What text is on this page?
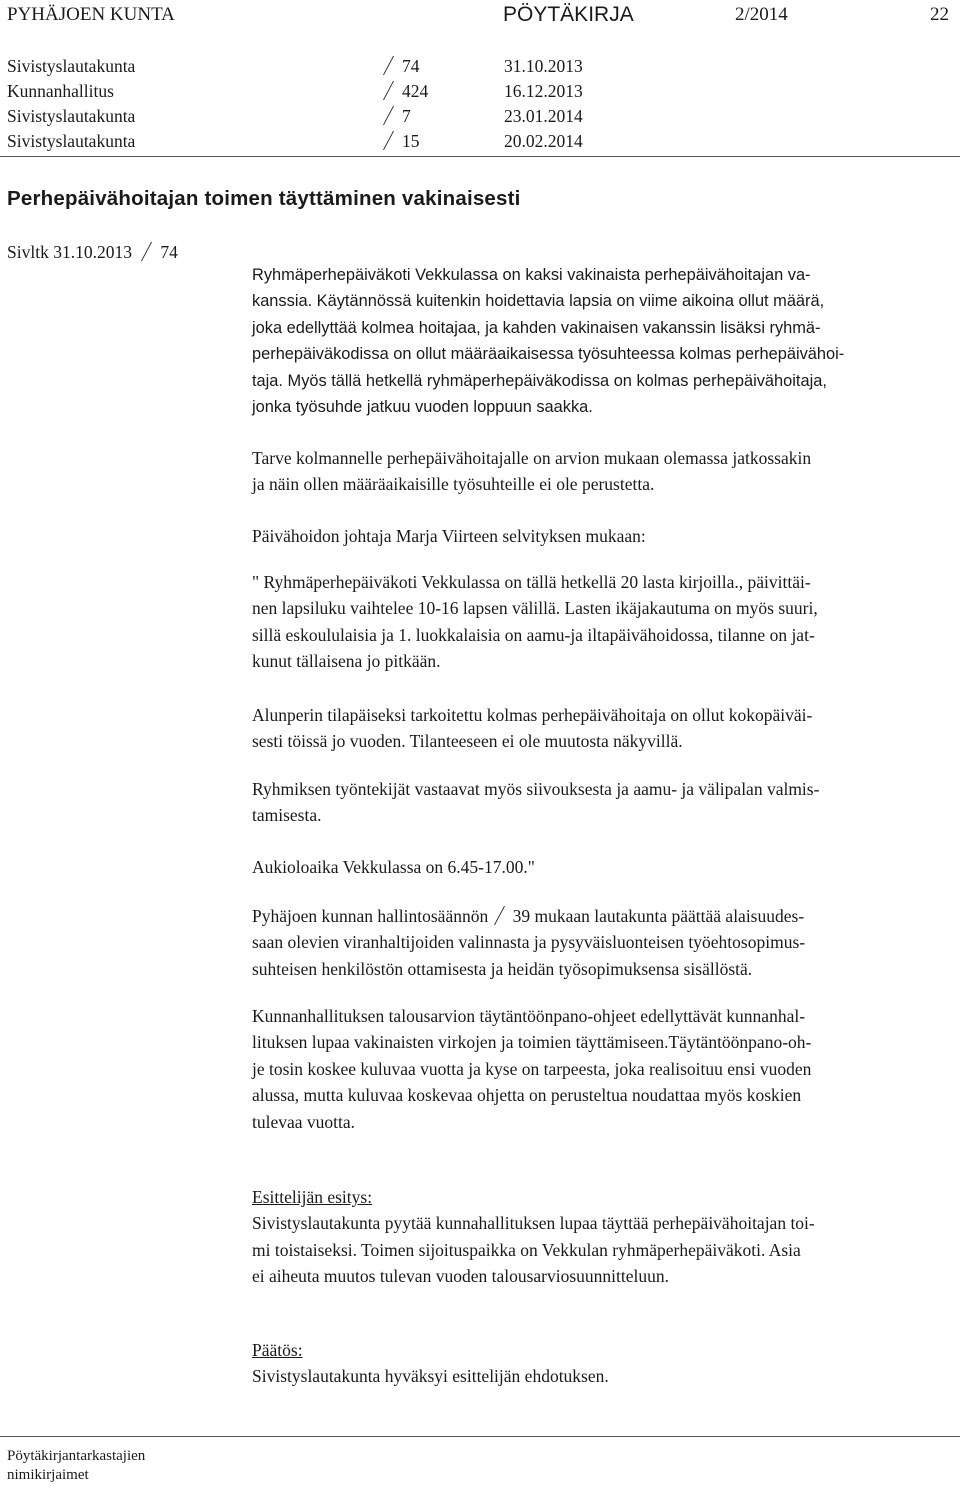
PYHÄJOEN KUNTA	PÖYTÄKIRJA	2/2014	22
Sivistyslautakunta	74	31.10.2013
Kunnanhallitus	424	16.12.2013
Sivistyslautakunta	7	23.01.2014
Sivistyslautakunta	15	20.02.2014
Perhepäivähoitajan toimen täyttäminen vakinaisesti
Sivltk 31.10.2013 74

Ryhmäperhepäiväkoti Vekkulassa on kaksi vakinaista perhepäivähoitajan va-

kanssia. Käytännössä kuitenkin hoidettavia lapsia on viime aikoina ollut määrä,

joka edellyttää kolmea hoitajaa, ja kahden vakinaisen vakanssin lisäksi ryhmä-

perhepäiväkodissa on ollut määräaikaisessa työsuhteessa kolmas perhepäivähoi-

taja. Myös tällä hetkellä ryhmäperhepäiväkodissa on kolmas perhepäivähoitaja,

jonka työsuhde jatkuu vuoden loppuun saakka.

Tarve kolmannelle perhepäivähoitajalle on arvion mukaan olemassa jatkossakin

ja näin ollen määräaikaisille työsuhteille ei ole perustetta.

Päivähoidon johtaja Marja Viirteen selvityksen mukaan:

" Ryhmäperhepäiväkoti Vekkulassa on tällä hetkellä 20 lasta kirjoilla., päivittäi-

nen lapsiluku vaihtelee 10-16 lapsen välillä. Lasten ikäjakautuma on myös suuri,

sillä eskoululaisia ja 1. luokkalaisia on aamu-ja iltapäivähoidossa, tilanne on jat-

kunut tällaisena jo pitkään.

Alunperin tilapäiseksi tarkoitettu kolmas perhepäivähoitaja on ollut kokopäiväi-

sesti töissä jo vuoden. Tilanteeseen ei ole muutosta näkyvillä.

Ryhmiksen työntekijät vastaavat myös siivouksesta ja aamu- ja välipalan valmis-

tamisesta.

Aukioloaika Vekkulassa on 6.45-17.00."

Pyhäjoen kunnan hallintosäännön 39 mukaan lautakunta päättää alaisuudes-

saan olevien viranhaltijoiden valinnasta ja pysyväisluonteisen työehtosopimus-

suhteisen henkilöstön ottamisesta ja heidän työsopimuksensa sisällöstä.

Kunnanhallituksen talousarvion täytäntöönpano-ohjeet edellyttävät kunnanhal-

lituksen lupaa vakinaisten virkojen ja toimien täyttämiseen.Täytäntöönpano-oh-

je tosin koskee kuluvaa vuotta ja kyse on tarpeesta, joka realisoituu ensi vuoden

alussa, mutta kuluvaa koskevaa ohjetta on perusteltua noudattaa myös koskien

tulevaa vuotta.

Esittelijän esitys:

Sivistyslautakunta pyytää kunnahallituksen lupaa täyttää perhepäivähoitajan toi-

mi toistaiseksi. Toimen sijoituspaikka on Vekkulan ryhmäperhepäiväkoti. Asia

ei aiheuta muutos tulevan vuoden talousarviosuunnitteluun.

Päätös:

Sivistyslautakunta hyväksyi esittelijän ehdotuksen.

Pöytäkirjantarkastajien
nimikirjaimet
